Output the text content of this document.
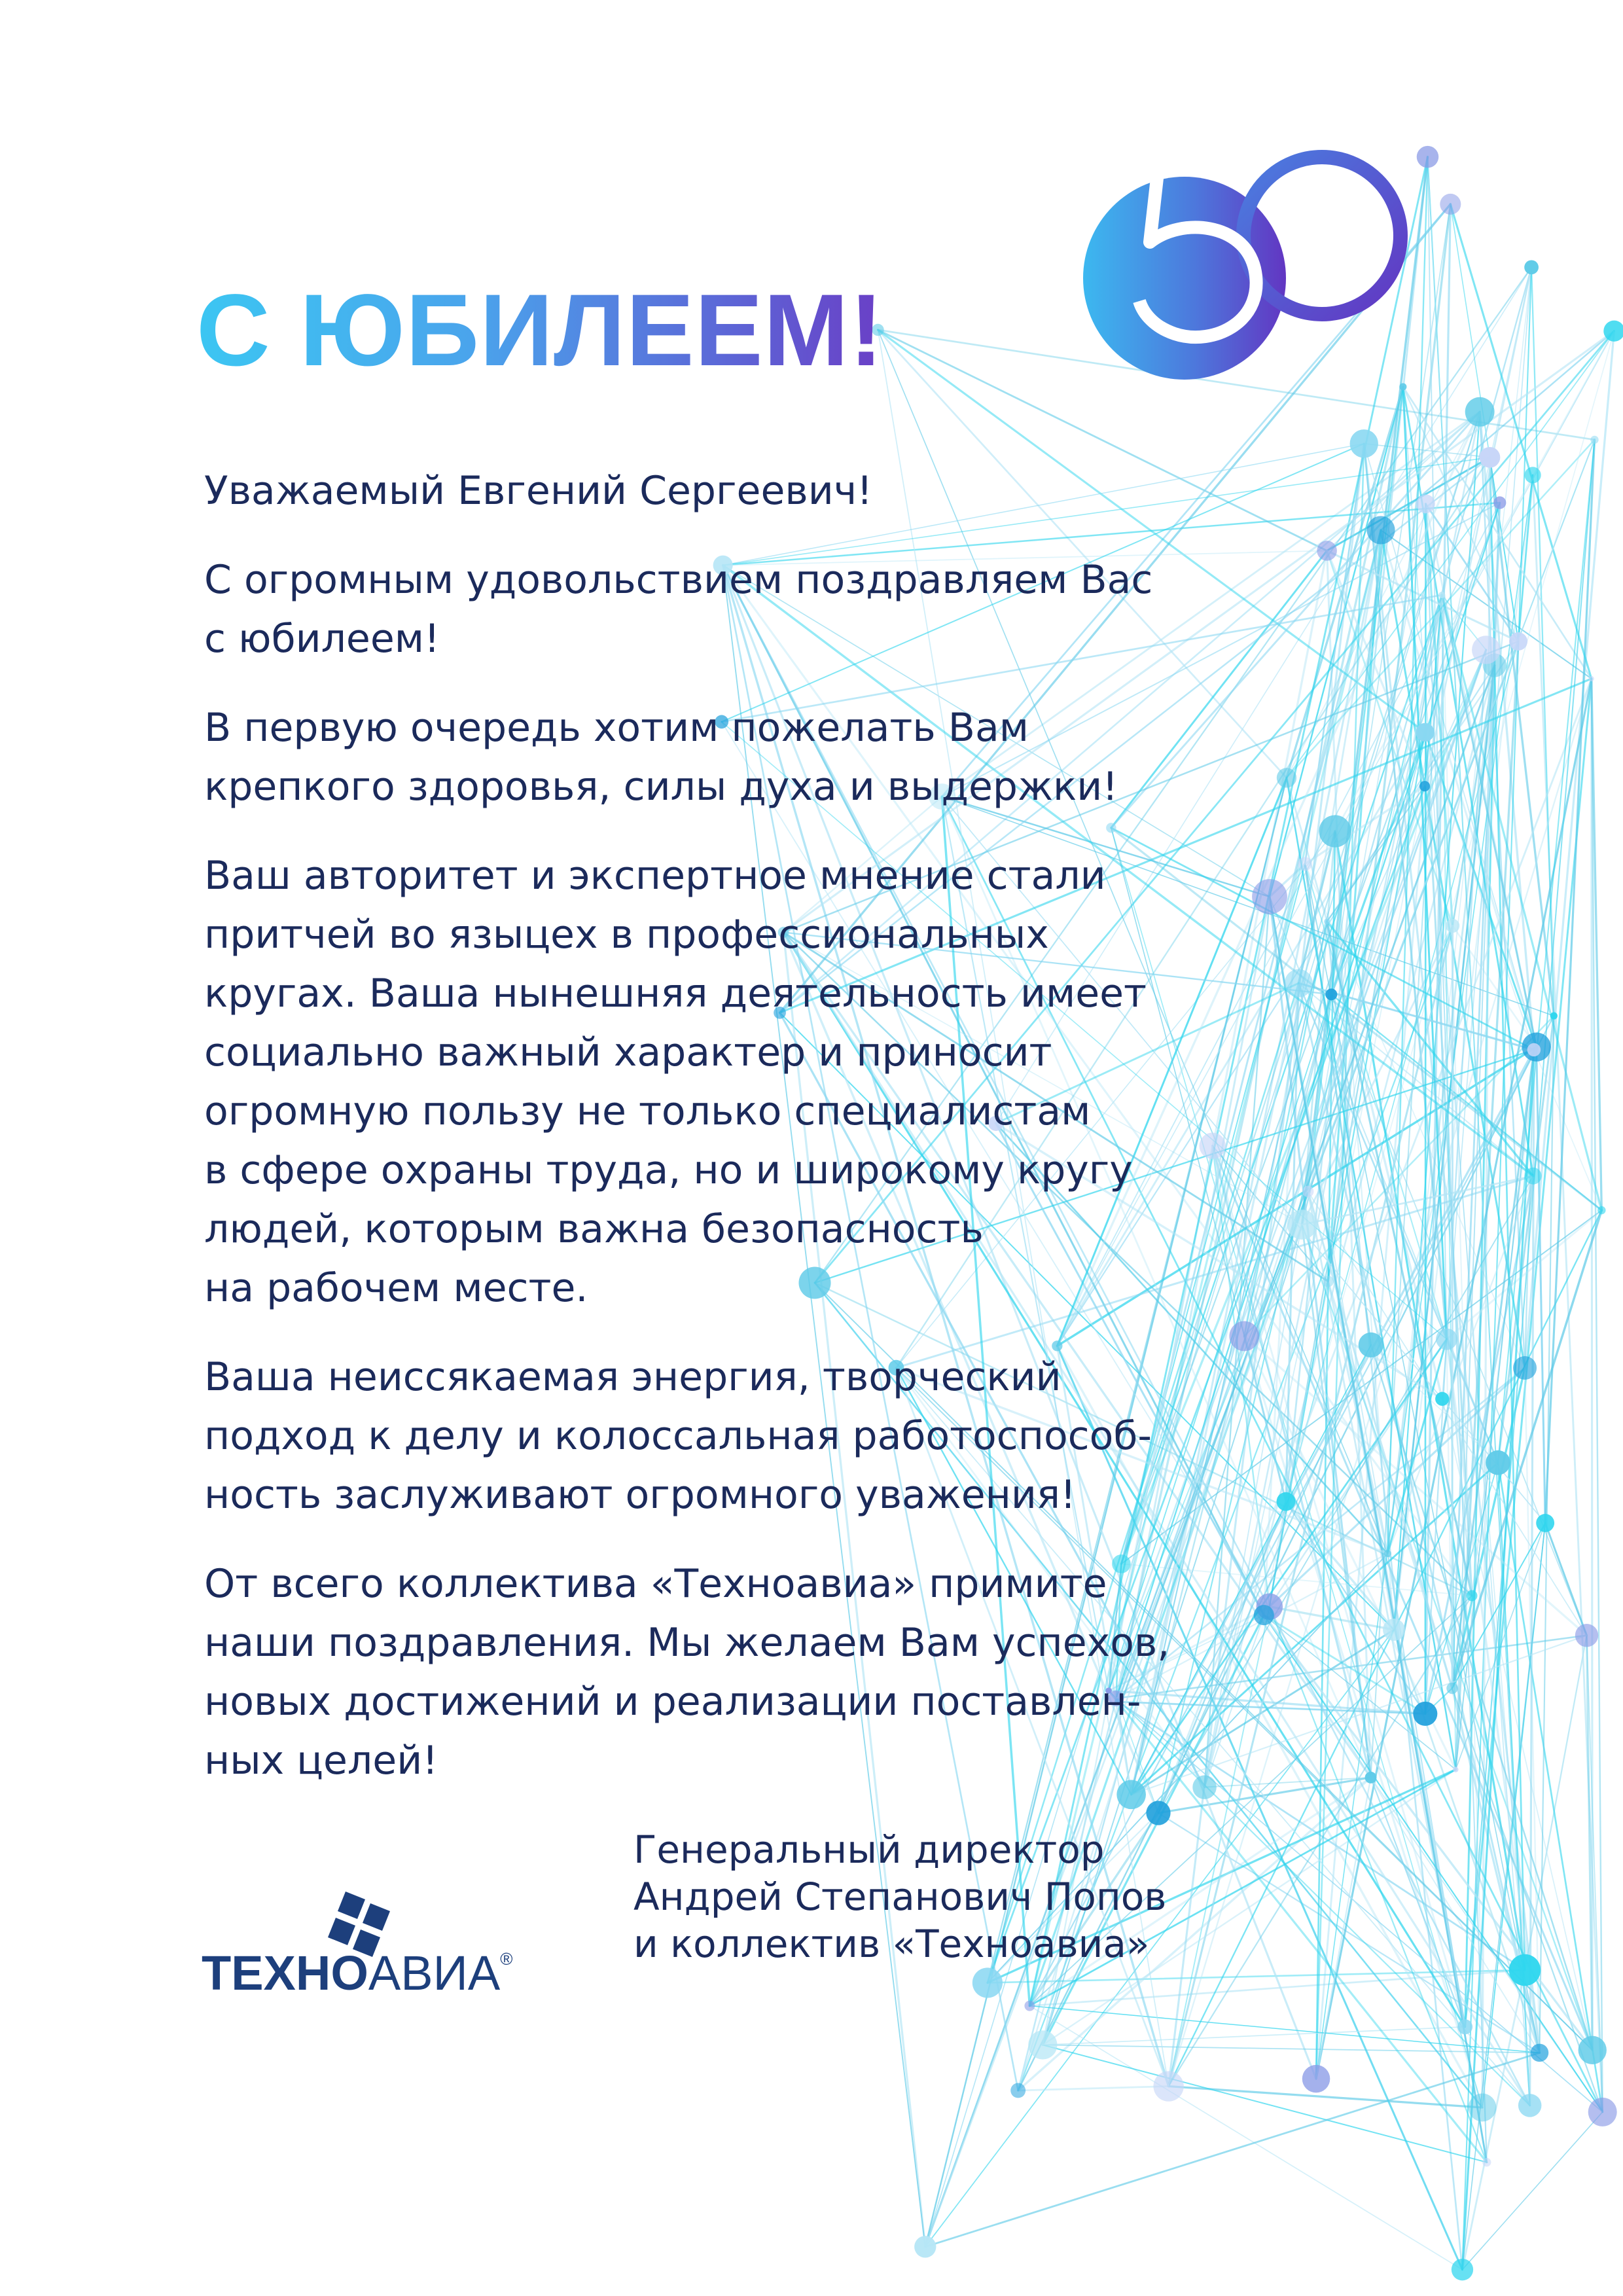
С ЮБИЛЕЕМ!

Уважаемый Евгений Сергеевич!

С огромным удовольствием поздравляем Вас
с юбилеем!

В первую очередь хотим пожелать Вам
крепкого здоровья, силы духа и выдержки!

Ваш авторитет и экспертное мнение стали
притчей во языцех в профессиональных
кругах. Ваша нынешняя деятельность имеет
социально важный характер и приносит
огромную пользу не только специалистам
в сфере охраны труда, но и широкому кругу
людей, которым важна безопасность
на рабочем месте.

Ваша неиссякаемая энергия, творческий
подход к делу и колоссальная работоспособ-
ность заслуживают огромного уважения!

От всего коллектива «Техноавиа» примите
наши поздравления. Мы желаем Вам успехов,
новых достижений и реализации поставлен-
ных целей!

ТЕХНОАВИА®
Генеральный директор
Андрей Степанович Попов
и коллектив «Техноавиа»
